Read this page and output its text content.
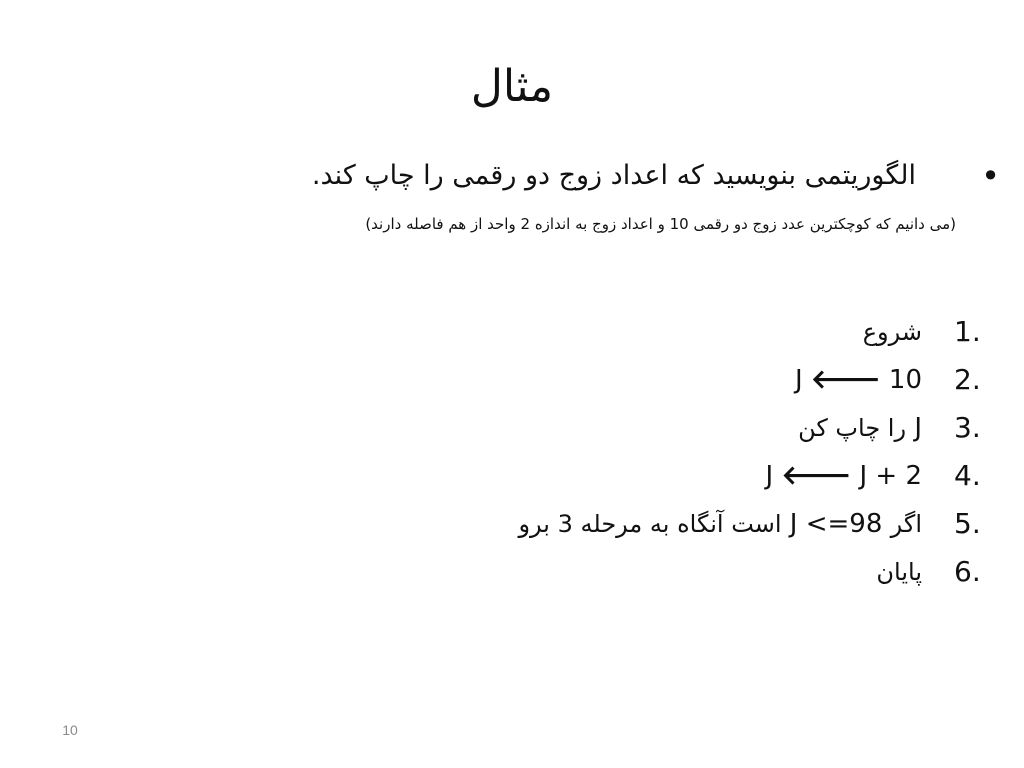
مثال
•
الگوریتمی بنویسید که اعداد زوج دو رقمی را چاپ کند.
(می دانیم که کوچکترین عدد زوج دو رقمی 10 و اعداد زوج به اندازه 2 واحد از هم فاصله دارند)
1.
شروع
2.
J 🡐 10
3.
J را چاپ کن
4.
J 🡐 J + 2
5.
اگر J <=98 است آنگاه به مرحله 3 برو
6.
پایان
10
